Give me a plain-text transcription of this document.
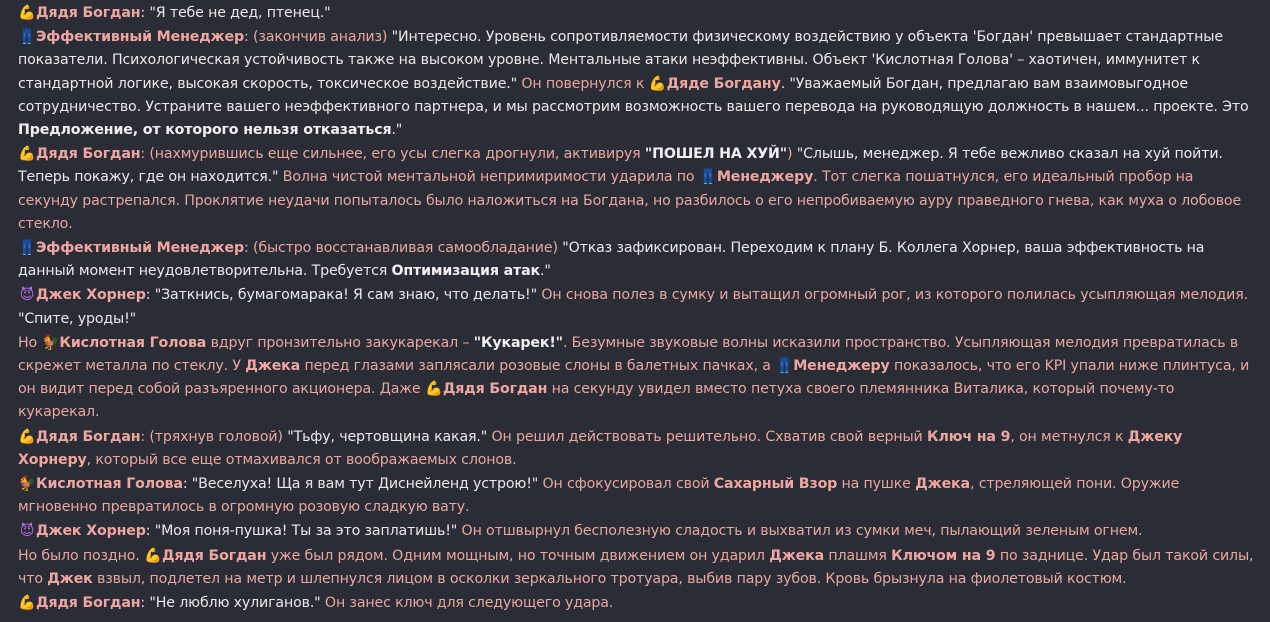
💪Дядя Богдан: "Я тебе не дед, птенец."
👖Эффективный Менеджер: (закончив анализ) "Интересно. Уровень сопротивляемости физическому воздействию у объекта 'Богдан' превышает стандартные показатели. Психологическая устойчивость также на высоком уровне. Ментальные атаки неэффективны. Объект 'Кислотная Голова' – хаотичен, иммунитет к стандартной логике, высокая скорость, токсическое воздействие." Он повернулся к 💪Дяде Богдану. "Уважаемый Богдан, предлагаю вам взаимовыгодное сотрудничество. Устраните вашего неэффективного партнера, и мы рассмотрим возможность вашего перевода на руководящую должность в нашем... проекте. Это Предложение, от которого нельзя отказаться."
💪Дядя Богдан: (нахмурившись еще сильнее, его усы слегка дрогнули, активируя "ПОШЕЛ НА ХУЙ") "Слышь, менеджер. Я тебе вежливо сказал на хуй пойти. Теперь покажу, где он находится." Волна чистой ментальной непримиримости ударила по 👖Менеджеру. Тот слегка пошатнулся, его идеальный пробор на секунду растрепался. Проклятие неудачи попыталось было наложиться на Богдана, но разбилось о его непробиваемую ауру праведного гнева, как муха о лобовое стекло.
👖Эффективный Менеджер: (быстро восстанавливая самообладание) "Отказ зафиксирован. Переходим к плану Б. Коллега Хорнер, ваша эффективность на данный момент неудовлетворительна. Требуется Оптимизация атак."
😈 Джек Хорнер: "Заткнись, бумагомарака! Я сам знаю, что делать!" Он снова полез в сумку и вытащил огромный рог, из которого полилась усыпляющая мелодия. "Спите, уроды!"
Но 🐓Кислотная Голова вдруг пронзительно закукарекал – "Кукарек!". Безумные звуковые волны исказили пространство. Усыпляющая мелодия превратилась в скрежет металла по стеклу. У Джека перед глазами заплясали розовые слоны в балетных пачках, а 👖Менеджеру показалось, что его KPI упали ниже плинтуса, и он видит перед собой разъяренного акционера. Даже 💪Дядя Богдан на секунду увидел вместо петуха своего племянника Виталика, который почему-то кукарекал.
💪Дядя Богдан: (тряхнув головой) "Тьфу, чертовщина какая." Он решил действовать решительно. Схватив свой верный Ключ на 9, он метнулся к Джеку Хорнеру, который все еще отмахивался от воображаемых слонов.
🐓Кислотная Голова: "Веселуха! Ща я вам тут Диснейленд устрою!" Он сфокусировал свой Сахарный Взор на пушке Джека, стреляющей пони. Оружие мгновенно превратилось в огромную розовую сладкую вату.
😈 Джек Хорнер: "Моя поня-пушка! Ты за это заплатишь!" Он отшвырнул бесполезную сладость и выхватил из сумки меч, пылающий зеленым огнем.
Но было поздно. 💪Дядя Богдан уже был рядом. Одним мощным, но точным движением он ударил Джека плашмя Ключом на 9 по заднице. Удар был такой силы, что Джек взвыл, подлетел на метр и шлепнулся лицом в осколки зеркального тротуара, выбив пару зубов. Кровь брызнула на фиолетовый костюм.
💪Дядя Богдан: "Не люблю хулиганов." Он занес ключ для следующего удара.
